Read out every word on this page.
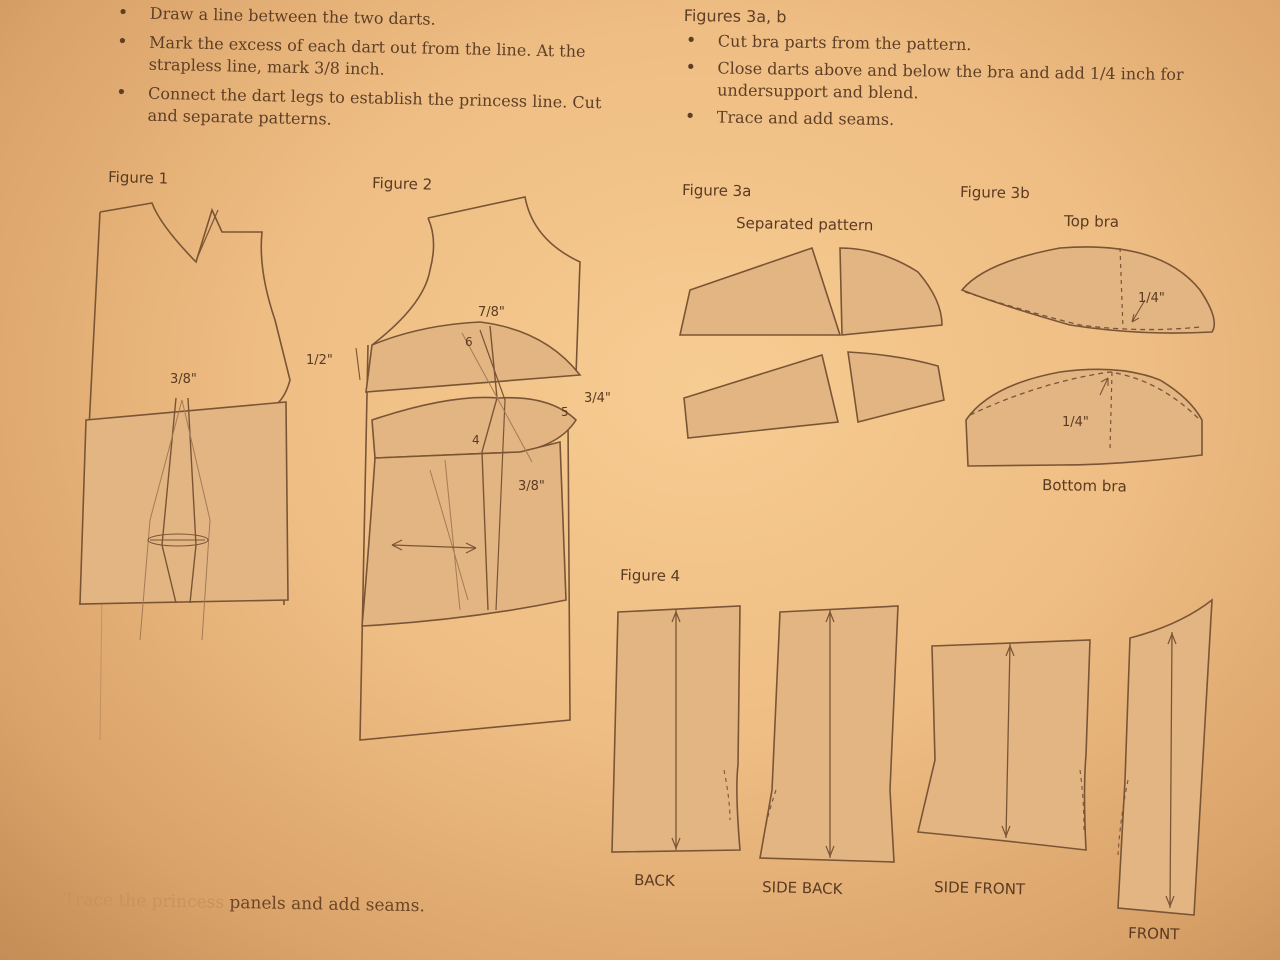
• Draw a line between the two darts.
• Mark the excess of each dart out from the line. At the strapless line, mark 3/8 inch.
• Connect the dart legs to establish the princess line. Cut and separate patterns.
Figures 3a, b
• Cut bra parts from the pattern.
• Close darts above and below the bra and add 1/4 inch for undersupport and blend.
• Trace and add seams.
Figure 1
3/8"
Figure 2
1/2"
7/8"
3/4"
3/8"
4
5
6
Figure 3a
Separated pattern
Figure 3b
Top bra
1/4"
1/4"
Bottom bra
Figure 4
BACK	SIDE BACK	SIDE FRONT
FRONT
Trace the princess panels and add seams.
